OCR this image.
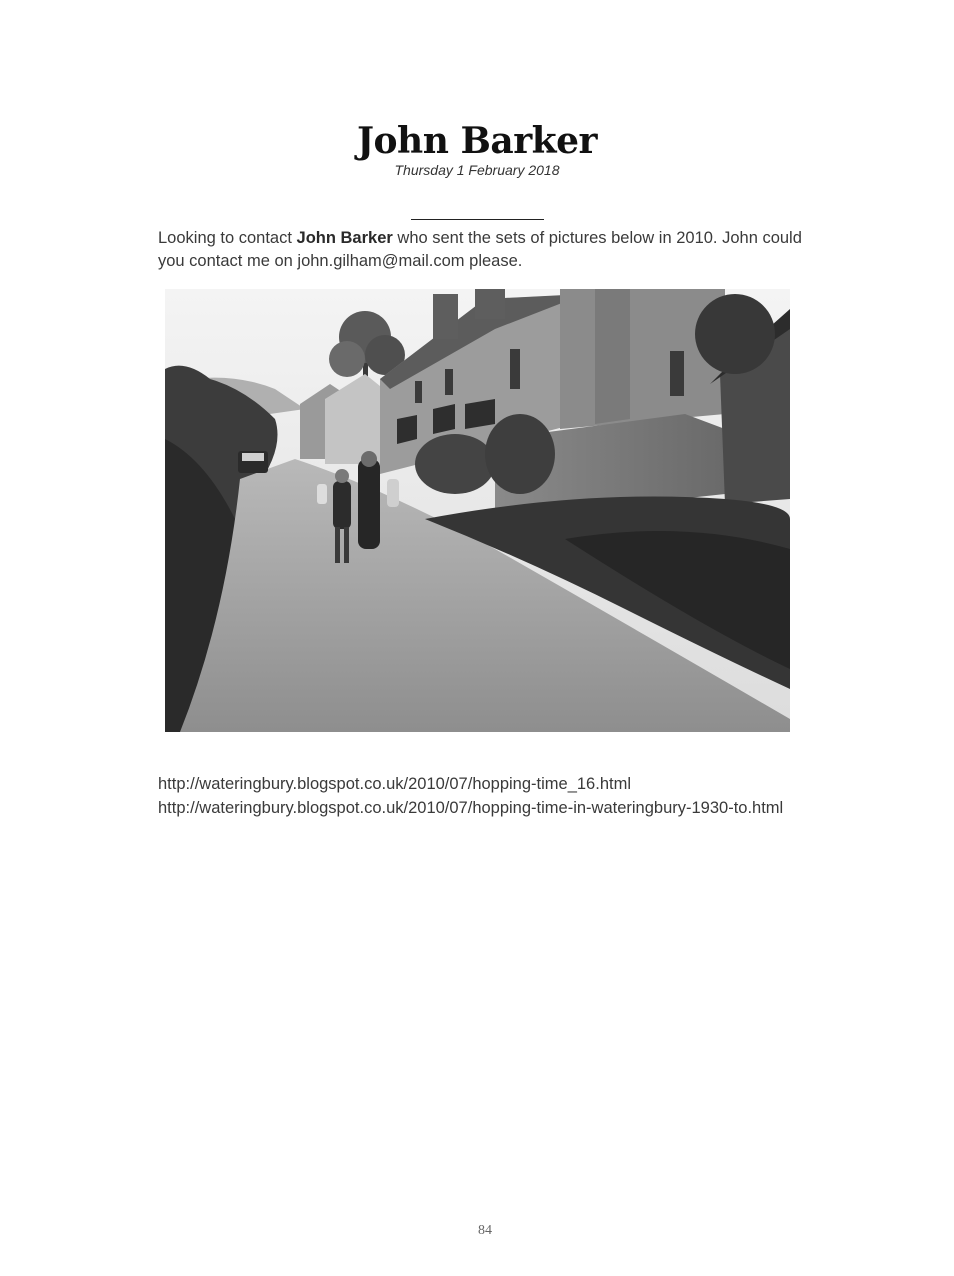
John Barker
Thursday 1 February 2018

Looking to contact John Barker who sent the sets of pictures below in 2010. John could you contact me on john.gilham@mail.com please.

http://wateringbury.blogspot.co.uk/2010/07/hopping-time_16.html
http://wateringbury.blogspot.co.uk/2010/07/hopping-time-in-wateringbury-1930-to.html
84
